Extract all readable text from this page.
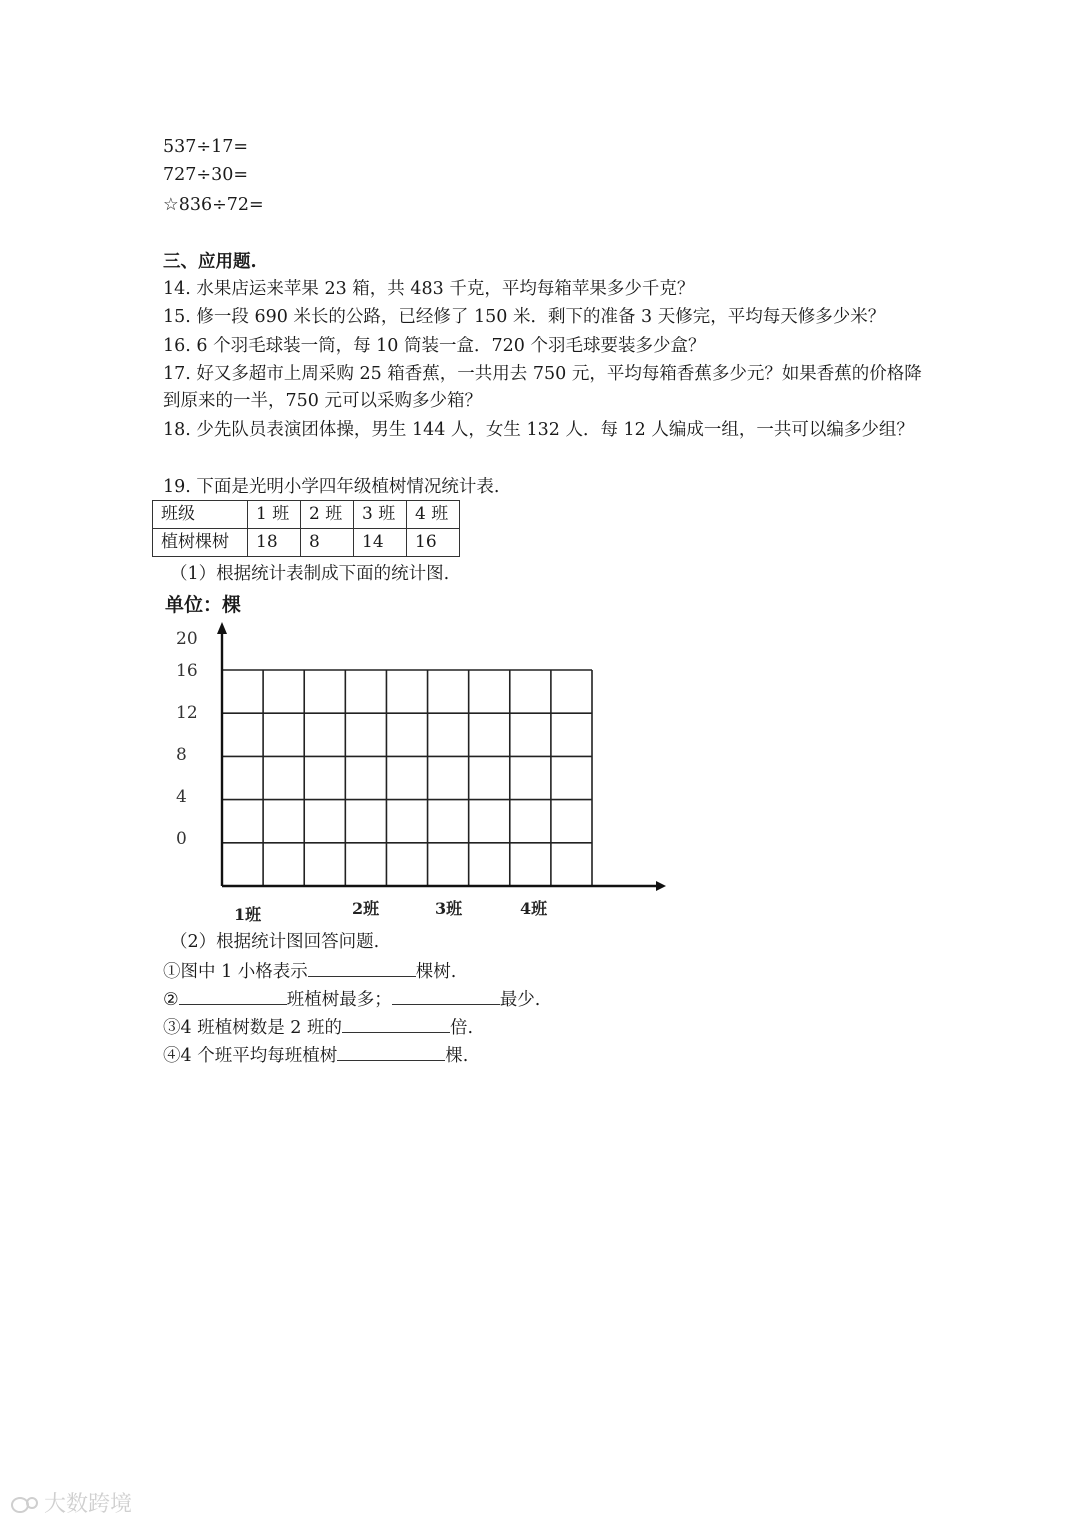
537÷17=
727÷30=
☆836÷72=
三、应用题.
14. 水果店运来苹果 23 箱，共 483 千克，平均每箱苹果多少千克？
15. 修一段 690 米长的公路，已经修了 150 米．剩下的准备 3 天修完，平均每天修多少米？
16. 6 个羽毛球装一筒，每 10 筒装一盒．720 个羽毛球要装多少盒？
17. 好又多超市上周采购 25 箱香蕉，一共用去 750 元，平均每箱香蕉多少元？如果香蕉的价格降到原来的一半，750 元可以采购多少箱？
18. 少先队员表演团体操，男生 144 人，女生 132 人．每 12 人编成一组，一共可以编多少组？
19. 下面是光明小学四年级植树情况统计表.
班级	1 班	2 班	3 班	4 班
植树棵树	18	8	14	16
（1）根据统计表制成下面的统计图.
单位：棵
20
16
12
8
4
0
1班	2班	3班	4班
（2）根据统计图回答问题.
①图中 1 小格表示	棵树.
②	班植树最多；	最少.
③4 班植树数是 2 班的	倍.
④4 个班平均每班植树	棵.
大数跨境
